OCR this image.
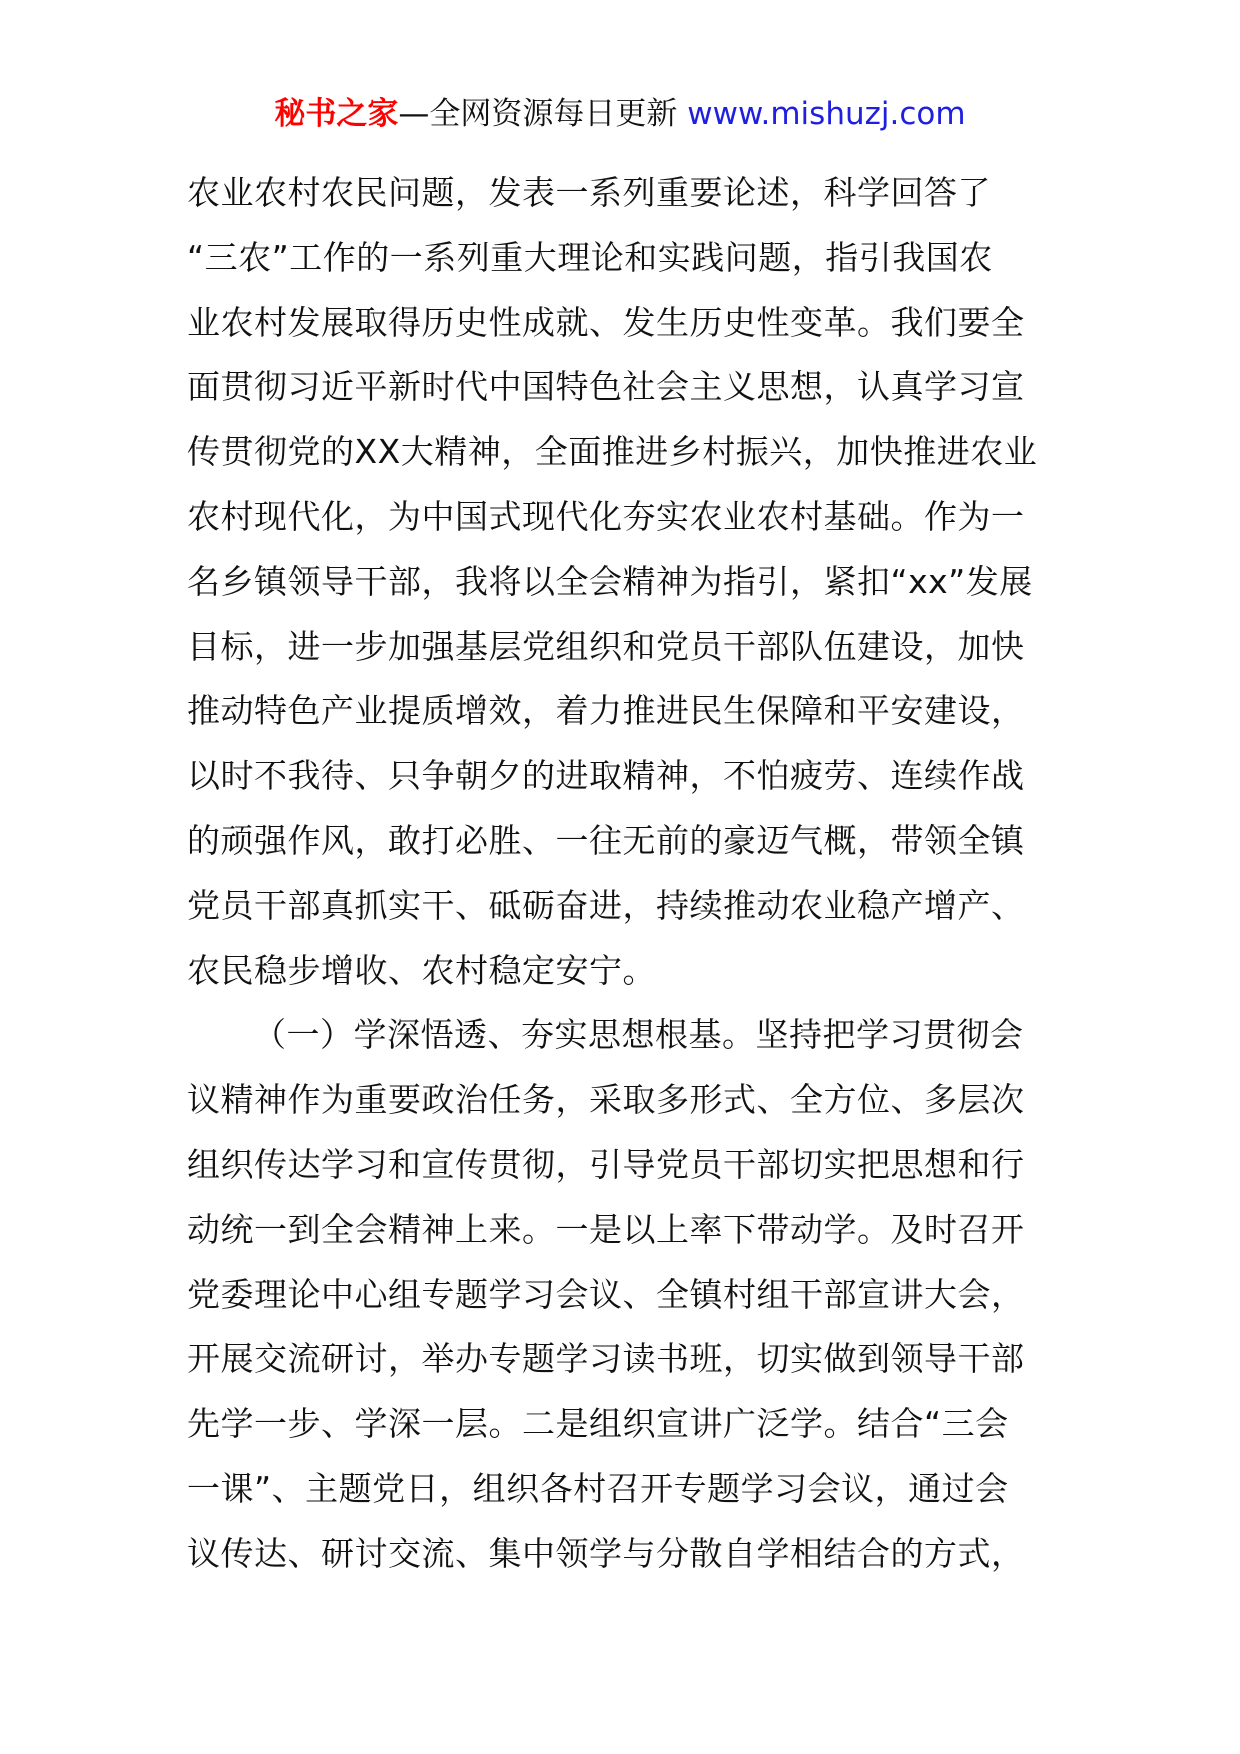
秘书之家—全网资源每日更新 www.mishuzj.com
农业农村农民问题，发表一系列重要论述，科学回答了
“三农”工作的一系列重大理论和实践问题，指引我国农
业农村发展取得历史性成就、发生历史性变革。我们要全
面贯彻习近平新时代中国特色社会主义思想，认真学习宣
传贯彻党的XX大精神，全面推进乡村振兴，加快推进农业
农村现代化，为中国式现代化夯实农业农村基础。作为一
名乡镇领导干部，我将以全会精神为指引，紧扣“xx”发展
目标，进一步加强基层党组织和党员干部队伍建设，加快
推动特色产业提质增效，着力推进民生保障和平安建设，
以时不我待、只争朝夕的进取精神，不怕疲劳、连续作战
的顽强作风，敢打必胜、一往无前的豪迈气概，带领全镇
党员干部真抓实干、砥砺奋进，持续推动农业稳产增产、
农民稳步增收、农村稳定安宁。
（一）学深悟透、夯实思想根基。坚持把学习贯彻会
议精神作为重要政治任务，采取多形式、全方位、多层次
组织传达学习和宣传贯彻，引导党员干部切实把思想和行
动统一到全会精神上来。一是以上率下带动学。及时召开
党委理论中心组专题学习会议、全镇村组干部宣讲大会，
开展交流研讨，举办专题学习读书班，切实做到领导干部
先学一步、学深一层。二是组织宣讲广泛学。结合“三会
一课”、主题党日，组织各村召开专题学习会议，通过会
议传达、研讨交流、集中领学与分散自学相结合的方式，
